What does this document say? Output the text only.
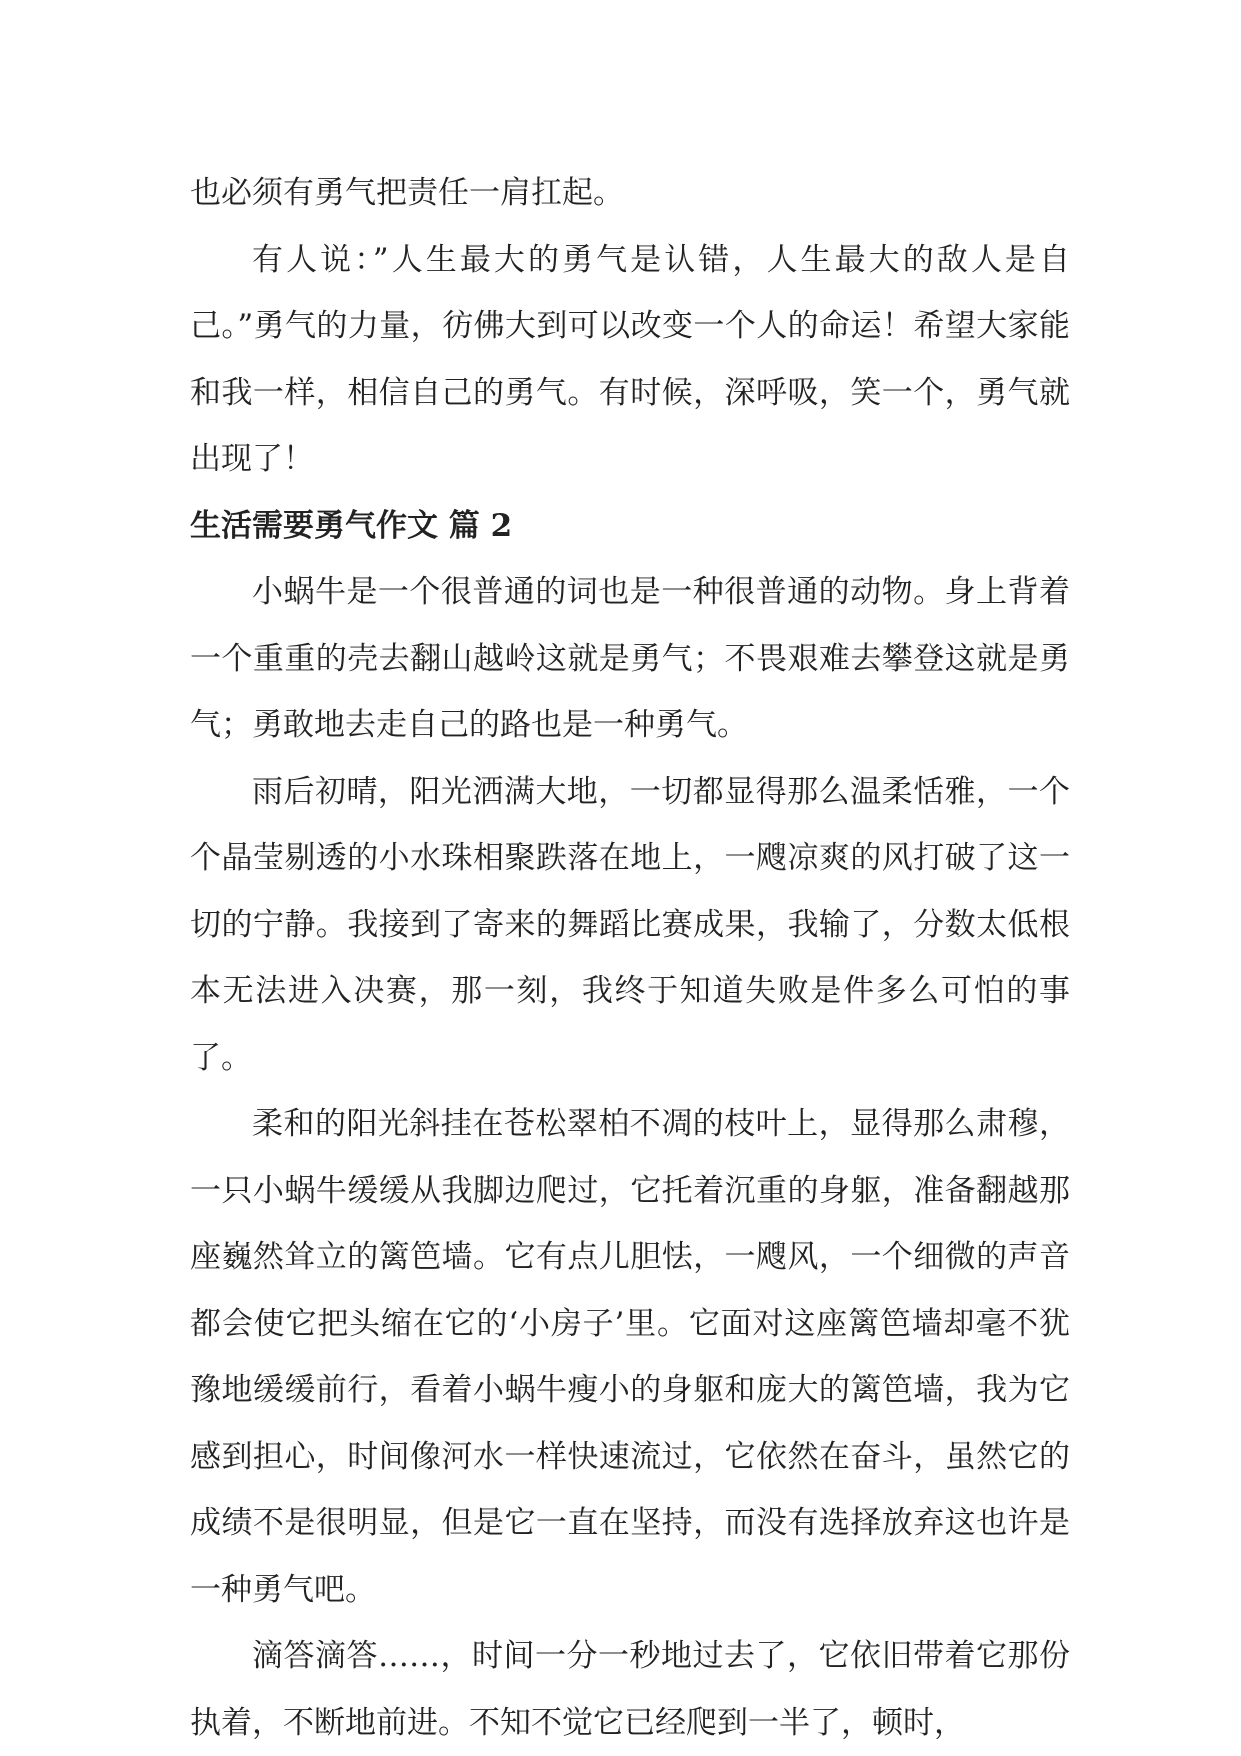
也必须有勇气把责任一肩扛起。

有人说：”人生最大的勇气是认错，人生最大的敌人是自己。”勇气的力量，彷佛大到可以改变一个人的命运！希望大家能和我一样，相信自己的勇气。有时候，深呼吸，笑一个，勇气就出现了！

生活需要勇气作文 篇 2

小蜗牛是一个很普通的词也是一种很普通的动物。身上背着一个重重的壳去翻山越岭这就是勇气；不畏艰难去攀登这就是勇气；勇敢地去走自己的路也是一种勇气。

雨后初晴，阳光洒满大地，一切都显得那么温柔恬雅，一个个晶莹剔透的小水珠相聚跌落在地上，一飕凉爽的风打破了这一切的宁静。我接到了寄来的舞蹈比赛成果，我输了，分数太低根本无法进入决赛，那一刻，我终于知道失败是件多么可怕的事了。

柔和的阳光斜挂在苍松翠柏不凋的枝叶上，显得那么肃穆，一只小蜗牛缓缓从我脚边爬过，它托着沉重的身躯，准备翻越那座巍然耸立的篱笆墙。它有点儿胆怯，一飕风，一个细微的声音都会使它把头缩在它的‘小房子’里。它面对这座篱笆墙却毫不犹豫地缓缓前行，看着小蜗牛瘦小的身躯和庞大的篱笆墙，我为它感到担心，时间像河水一样快速流过，它依然在奋斗，虽然它的成绩不是很明显，但是它一直在坚持，而没有选择放弃这也许是一种勇气吧。

滴答滴答……，时间一分一秒地过去了，它依旧带着它那份执着，不断地前进。不知不觉它已经爬到一半了，顿时，
